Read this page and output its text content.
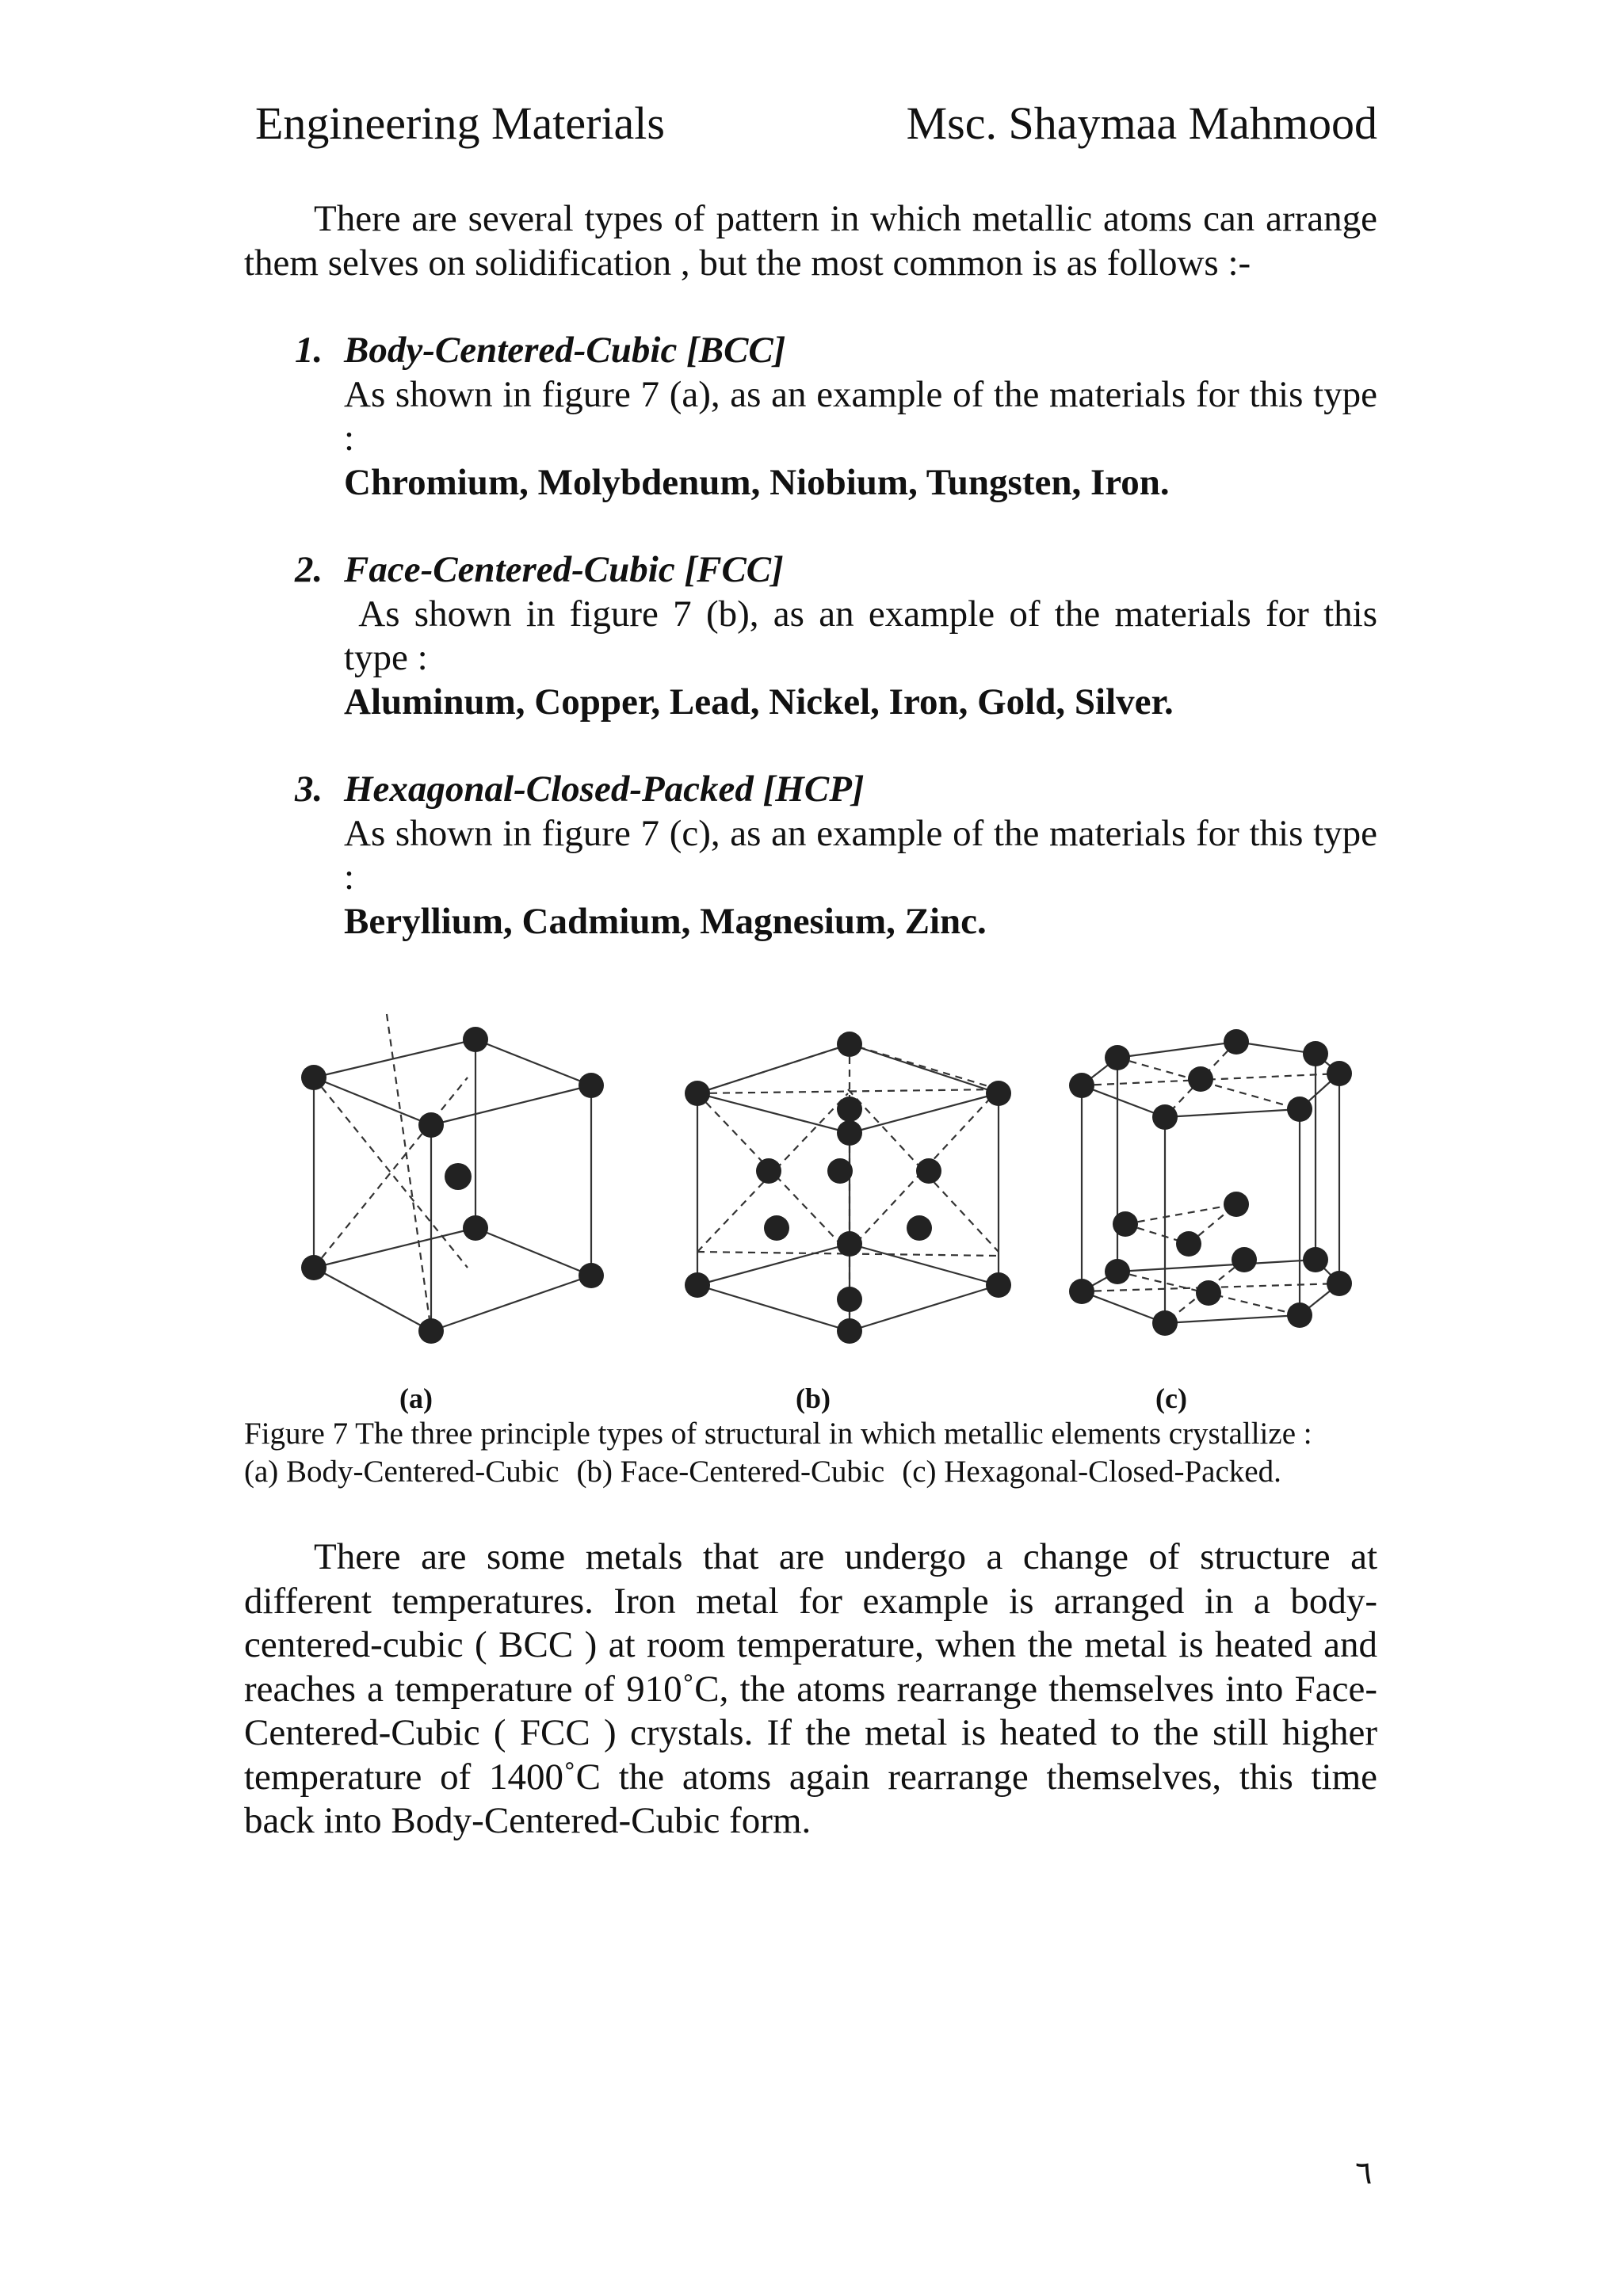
Engineering Materials	Msc. Shaymaa Mahmood
There are several types of pattern in which metallic atoms can arrange them selves on solidification , but the most common is as follows :-
1. Body-Centered-Cubic [BCC]
As shown in figure 7 (a), as an example of the materials for this type :
Chromium, Molybdenum, Niobium, Tungsten, Iron.
2. Face-Centered-Cubic [FCC]
As shown in figure 7 (b), as an example of the materials for this type :
Aluminum, Copper, Lead, Nickel, Iron, Gold, Silver.
3. Hexagonal-Closed-Packed [HCP]
As shown in figure 7 (c), as an example of the materials for this type :
Beryllium, Cadmium, Magnesium, Zinc.
(a)	(b)	(c)
Figure 7 The three principle types of structural in which metallic elements crystallize :
(a) Body-Centered-Cubic (b) Face-Centered-Cubic (c) Hexagonal-Closed-Packed.
There are some metals that are undergo a change of structure at different temperatures. Iron metal for example is arranged in a body-centered-cubic ( BCC ) at room temperature, when the metal is heated and reaches a temperature of 910˚C, the atoms rearrange themselves into Face-Centered-Cubic ( FCC ) crystals. If the metal is heated to the still higher temperature of 1400˚C the atoms again rearrange themselves, this time back into Body-Centered-Cubic form.
٦
